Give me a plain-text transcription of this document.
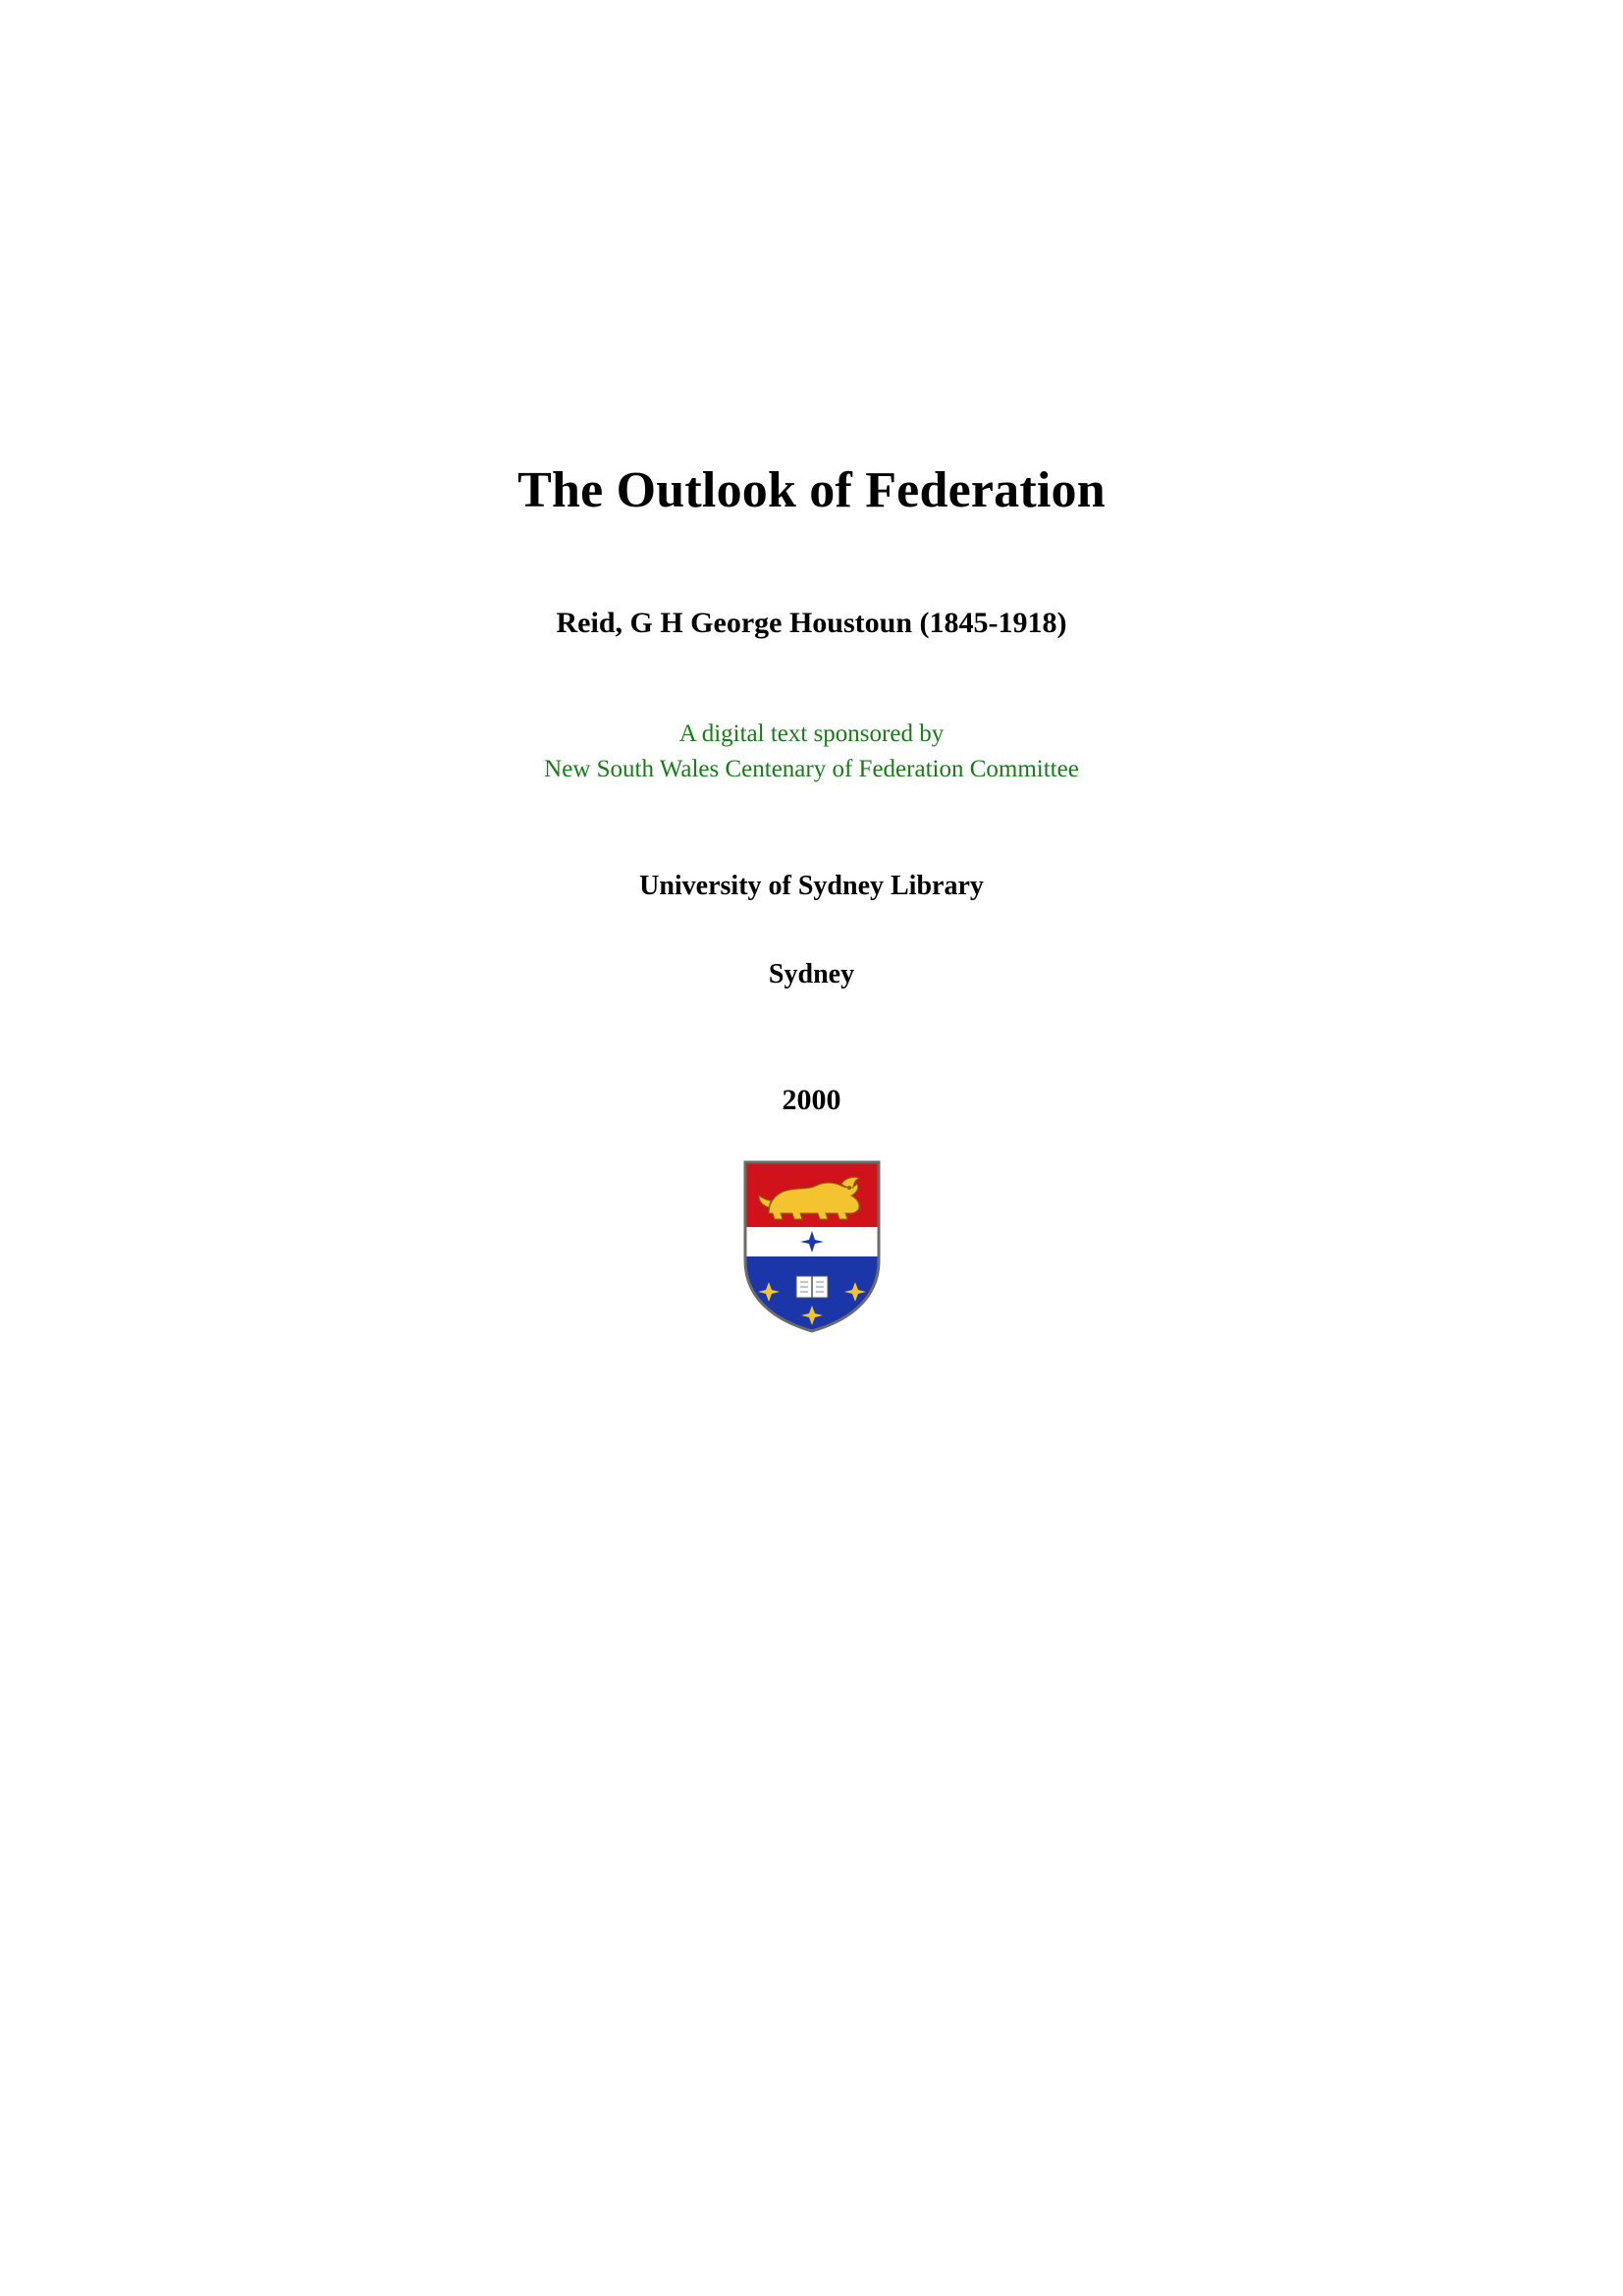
The Outlook of Federation
Reid, G H George Houstoun (1845-1918)
A digital text sponsored by
New South Wales Centenary of Federation Committee
University of Sydney Library
Sydney
2000
